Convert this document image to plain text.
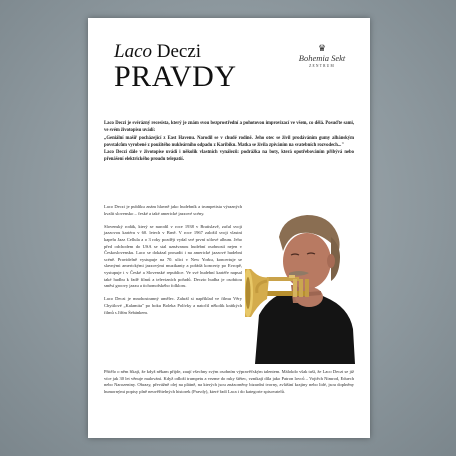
Laco Deczi
PRAVDY
♛
Bohemia Sekt
ZENTRUM

Laco Deczi je svérázný recesista, který je znám svou bezprostřední a pohotovou improvizací ve všem, co dělá. Posuďte sami, ve svém životopisu uvádí:

„Geniální mašíř pocházející z East Havenu. Narodil se v chudé rodině. Jeho otec se živil prodáváním gumy albánským povstalcům vyrobené z použitého nukleárního odpadu z Karibiku. Matka se živila zpíváním na svatebních rozvodech..."

Laco Deczi dále v životopise uvádí i několik vlastních vynálezů: podrážka na boty, která opotřebováním přibývá nebo přenášení elektrického proudu telepatií.

Laco Deczi je publiku znám hlavně jako hudebník a trumpetista výrazných kvalit slovensko – české a také americké jazzové scény.

Slovenský rodák, který se narodil v roce 1938 v Bratislavě, začal svoji jazzovou kariéru v 60. letech v Brně. V roce 1967 založil svoji vlastní kapelu Jazz Cellula a o 3 roky později vydal své první sólové album. Jeho před odchodem do USA se stal uznávanou hudební osobností nejen v Československu. Laco se dokázal prosadit i na americké jazzové hudební scéně. Pravidelně vystupuje na 70. ulici v New Yorku, koncertuje se slavnými americkými jazzovými muzikanty a pořádá koncerty po Evropě, vystupuje i v České a Slovenské republice. Ve své hudební kariéře napsal také hudbu k řadě filmů a televizních pořadů. Deczio hudba je osobitou směsí groovy jazzu a tichomořského folkloru.

Laco Deczi je mnohostranný umělec. Zahrál si například ve filmu Věry Chytilové „Kalamita" po boku Boleka Polívky a natočil několik krátkých filmů s Jiřím Šebánkem.

Přitělo o něm říkají, že když někam přijde, zaují všechny svým osobním výpravěčským talentem. Málokdo však tuší, že Laco Deczi se již více jak 30 let věnuje malování. Když odloží trumpetu a vezme do ruky štětec, vznikají díla jako Patron lovců – Vojtěch Nimrod, Eduech nebo Narozeniny. Obrazy, převážně olej na plátně, na kterých jsou znázorněny bizardní tvorny, zvláštní krajiny nebo lidé, jsou doplněny humornými popisy plně neuvěřitelných historek (Pravdy), které řadí Laca i do kategorie spisovatelů.
